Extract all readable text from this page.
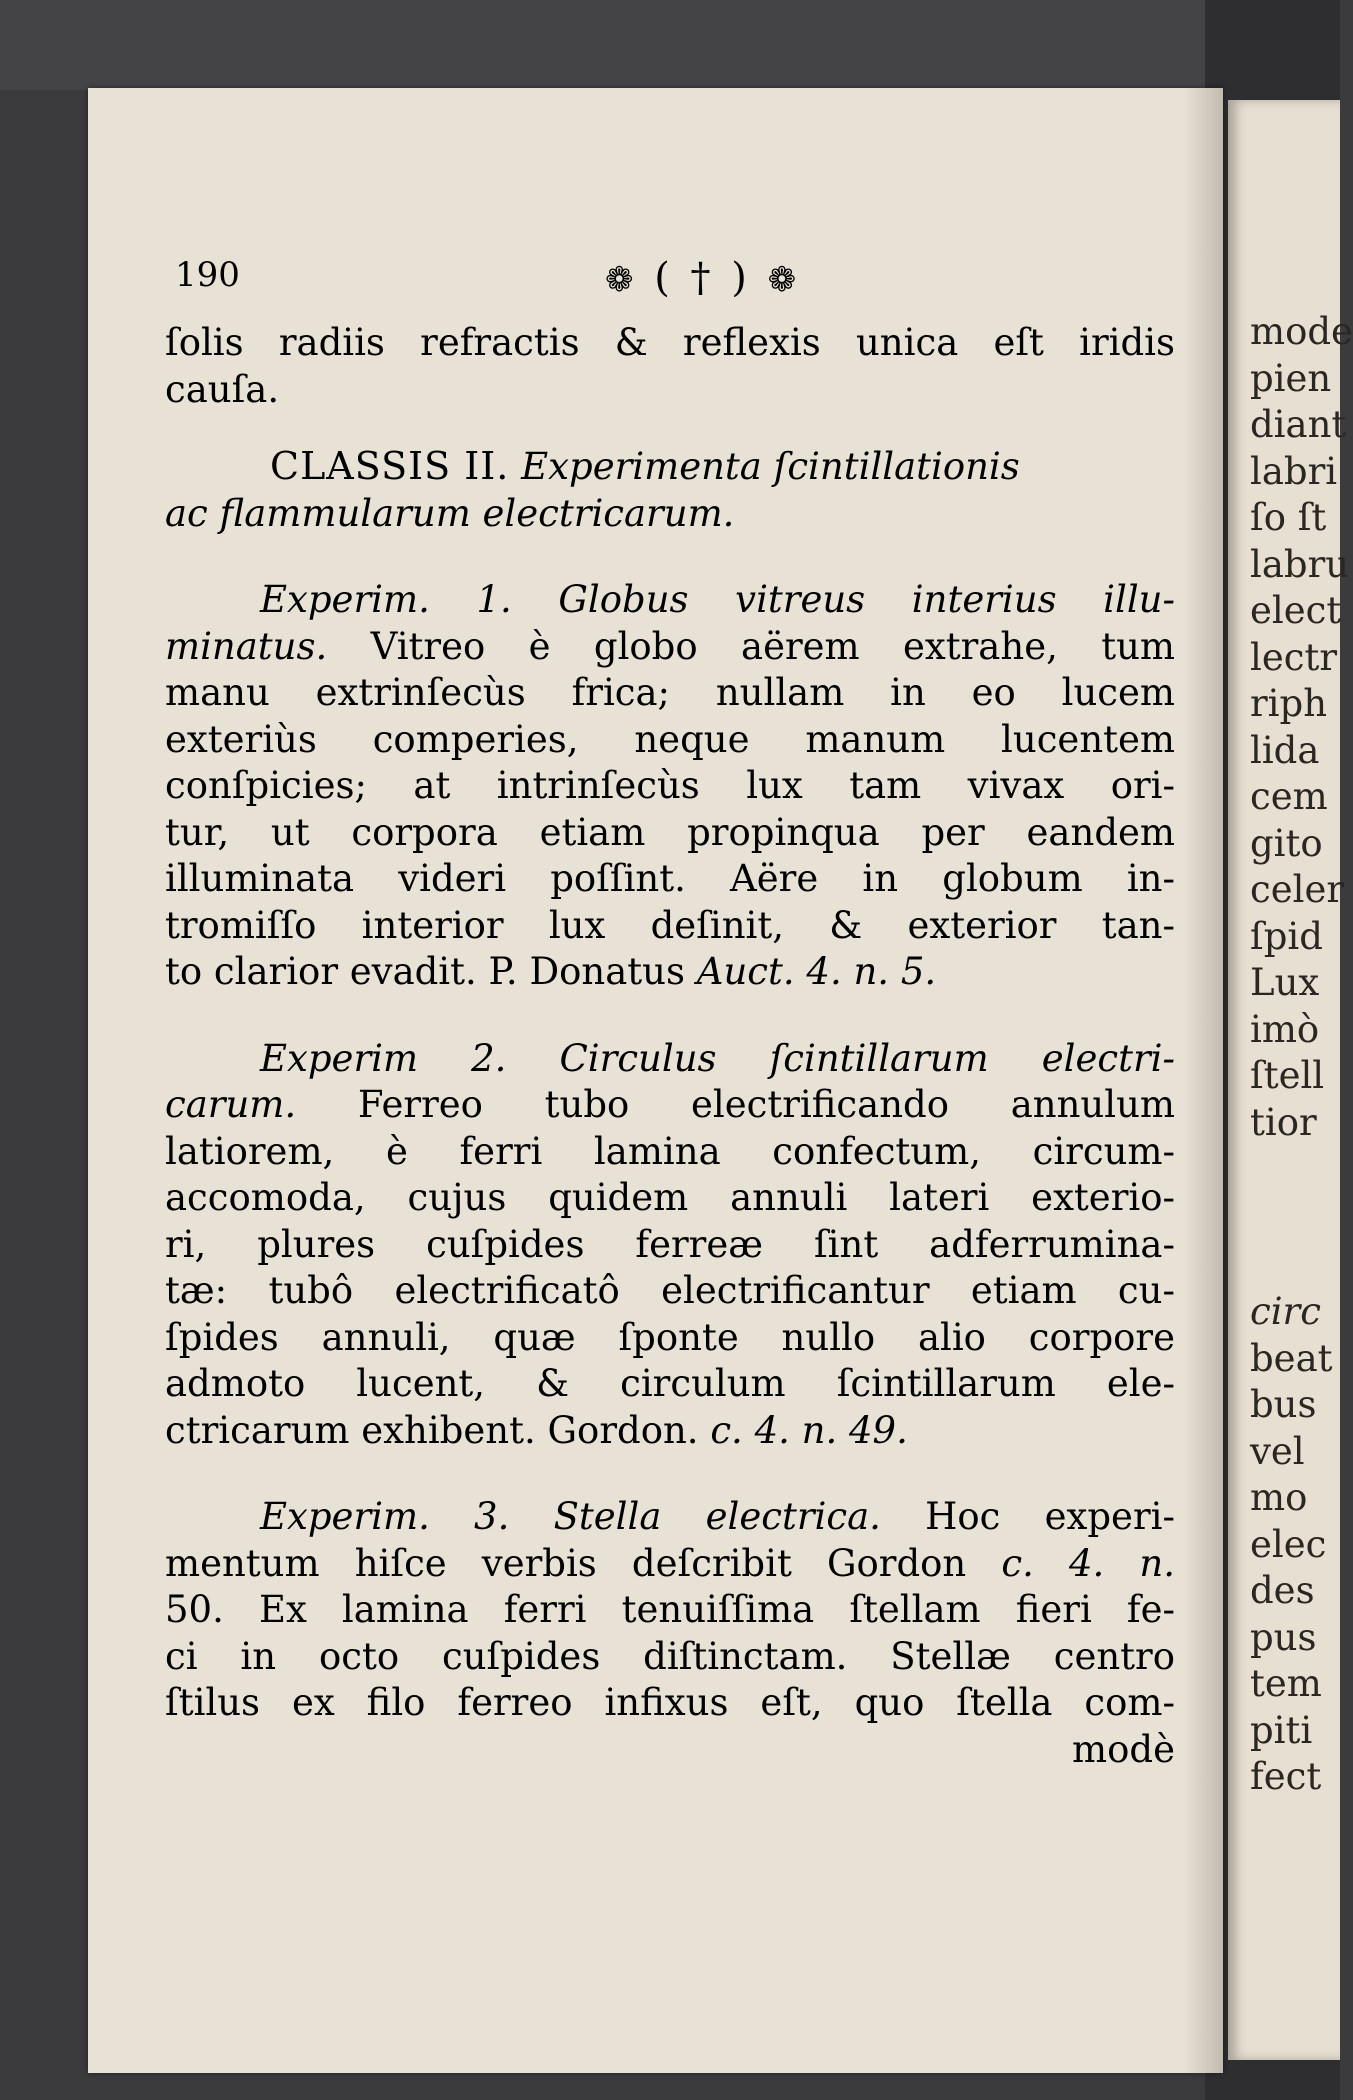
mode
pien
diant
labri
ſo ſt
labru
elect
lectr
riph
lida
cem
gito
celer
ſpid
Lux
imò
ſtell
tior
circ
beat
bus
vel
mo
elec
des
pus
tem
piti
fect
190	❁ ( † ) ❁

ſolis radiis refractis & reflexis unica eſt iridis
cauſa.

CLASSIS II. Experimenta ſcintillationis
ac flammularum electricarum.

Experim. 1. Globus vitreus interius illu-
minatus. Vitreo è globo aërem extrahe, tum
manu extrinſecùs frica; nullam in eo lucem
exteriùs comperies, neque manum lucentem
conſpicies; at intrinſecùs lux tam vivax ori-
tur, ut corpora etiam propinqua per eandem
illuminata videri poſſint. Aëre in globum in-
tromiſſo interior lux deſinit, & exterior tan-
to clarior evadit. P. Donatus Auct. 4. n. 5.

Experim 2. Circulus ſcintillarum electri-
carum. Ferreo tubo electrificando annulum
latiorem, è ferri lamina confectum, circum-
accomoda, cujus quidem annuli lateri exterio-
ri, plures cuſpides ferreæ ſint adferrumina-
tæ: tubô electrificatô electrificantur etiam cu-
ſpides annuli, quæ ſponte nullo alio corpore
admoto lucent, & circulum ſcintillarum ele-
ctricarum exhibent. Gordon. c. 4. n. 49.

Experim. 3. Stella electrica. Hoc experi-
mentum hiſce verbis deſcribit Gordon c. 4. n.
50. Ex lamina ferri tenuiſſima ſtellam fieri fe-
ci in octo cuſpides diſtinctam. Stellæ centro
ſtilus ex filo ferreo infixus eſt, quo ſtella com-
modè
